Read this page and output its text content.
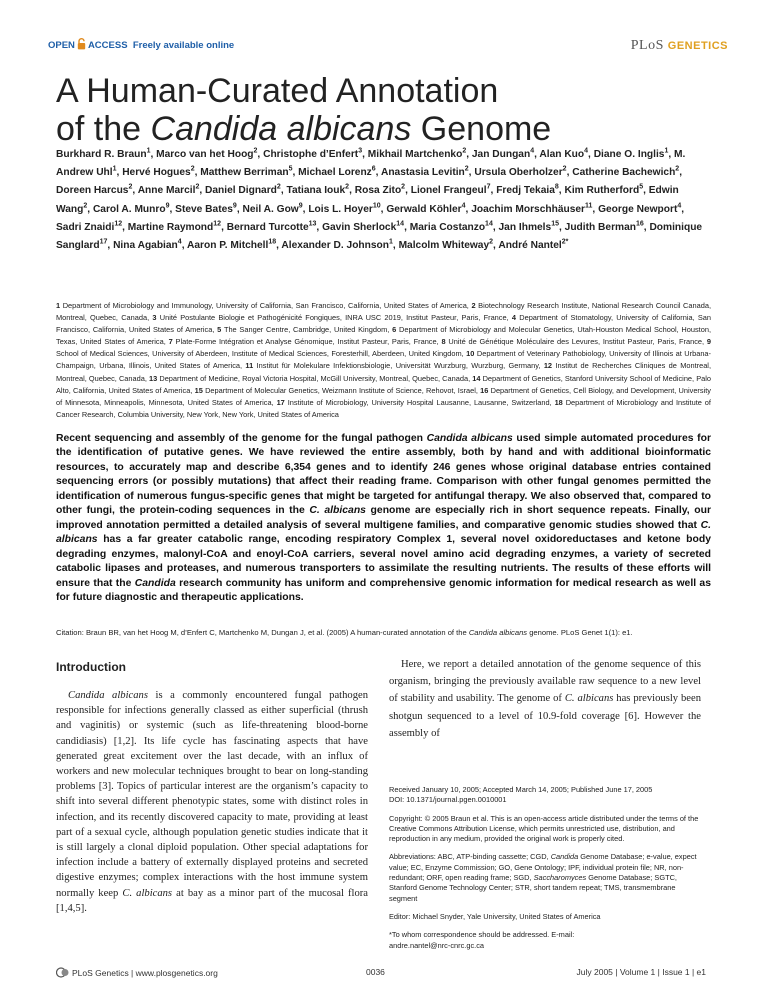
OPEN ACCESS Freely available online	PLoS GENETICS
A Human-Curated Annotation
of the Candida albicans Genome
Burkhard R. Braun$^1$, Marco van het Hoog$^2$, Christophe d’Enfert$^3$, Mikhail Martchenko$^2$, Jan Dungan$^4$, Alan Kuo$^4$, Diane O. Inglis$^1$, M. Andrew Uhl$^1$, Hervé Hogues$^2$, Matthew Berriman$^5$, Michael Lorenz$^6$, Anastasia Levitin$^2$, Ursula Oberholzer$^2$, Catherine Bachewich$^2$, Doreen Harcus$^2$, Anne Marcil$^2$, Daniel Dignard$^2$, Tatiana Iouk$^2$, Rosa Zito$^2$, Lionel Frangeul$^7$, Fredj Tekaia$^8$, Kim Rutherford$^5$, Edwin Wang$^2$, Carol A. Munro$^9$, Steve Bates$^9$, Neil A. Gow$^9$, Lois L. Hoyer$^{10}$, Gerwald Köhler$^4$, Joachim Morschhäuser$^{11}$, George Newport$^4$, Sadri Znaidi$^{12}$, Martine Raymond$^{12}$, Bernard Turcotte$^{13}$, Gavin Sherlock$^{14}$, Maria Costanzo$^{14}$, Jan Ihmels$^{15}$, Judith Berman$^{16}$, Dominique Sanglard$^{17}$, Nina Agabian$^4$, Aaron P. Mitchell$^{18}$, Alexander D. Johnson$^1$, Malcolm Whiteway$^2$, André Nantel$^{2*}$
1 Department of Microbiology and Immunology, University of California, San Francisco, California, United States of America, 2 Biotechnology Research Institute, National Research Council Canada, Montreal, Quebec, Canada, 3 Unité Postulante Biologie et Pathogénicité Fongiques, INRA USC 2019, Institut Pasteur, Paris, France, 4 Department of Stomatology, University of California, San Francisco, California, United States of America, 5 The Sanger Centre, Cambridge, United Kingdom, 6 Department of Microbiology and Molecular Genetics, Utah-Houston Medical School, Houston, Texas, United States of America, 7 Plate-Forme Intégration et Analyse Génomique, Institut Pasteur, Paris, France, 8 Unité de Génétique Moléculaire des Levures, Institut Pasteur, Paris, France, 9 School of Medical Sciences, University of Aberdeen, Institute of Medical Sciences, Foresterhill, Aberdeen, United Kingdom, 10 Department of Veterinary Pathobiology, University of Illinois at Urbana-Champaign, Urbana, Illinois, United States of America, 11 Institut für Molekulare Infektionsbiologie, Universität Wurzburg, Wurzburg, Germany, 12 Institut de Recherches Cliniques de Montreal, Montreal, Quebec, Canada, 13 Department of Medicine, Royal Victoria Hospital, McGill University, Montreal, Quebec, Canada, 14 Department of Genetics, Stanford University School of Medicine, Palo Alto, California, United States of America, 15 Department of Molecular Genetics, Weizmann Institute of Science, Rehovot, Israel, 16 Department of Genetics, Cell Biology, and Development, University of Minnesota, Minneapolis, Minnesota, United States of America, 17 Institute of Microbiology, University Hospital Lausanne, Lausanne, Switzerland, 18 Department of Microbiology and Institute of Cancer Research, Columbia University, New York, New York, United States of America
Recent sequencing and assembly of the genome for the fungal pathogen Candida albicans used simple automated procedures for the identification of putative genes. We have reviewed the entire assembly, both by hand and with additional bioinformatic resources, to accurately map and describe 6,354 genes and to identify 246 genes whose original database entries contained sequencing errors (or possibly mutations) that affect their reading frame. Comparison with other fungal genomes permitted the identification of numerous fungus-specific genes that might be targeted for antifungal therapy. We also observed that, compared to other fungi, the protein-coding sequences in the C. albicans genome are especially rich in short sequence repeats. Finally, our improved annotation permitted a detailed analysis of several multigene families, and comparative genomic studies showed that C. albicans has a far greater catabolic range, encoding respiratory Complex 1, several novel oxidoreductases and ketone body degrading enzymes, malonyl-CoA and enoyl-CoA carriers, several novel amino acid degrading enzymes, a variety of secreted catabolic lipases and proteases, and numerous transporters to assimilate the resulting nutrients. The results of these efforts will ensure that the Candida research community has uniform and comprehensive genomic information for medical research as well as for future diagnostic and therapeutic applications.
Citation: Braun BR, van het Hoog M, d’Enfert C, Martchenko M, Dungan J, et al. (2005) A human-curated annotation of the Candida albicans genome. PLoS Genet 1(1): e1.
Introduction
Candida albicans is a commonly encountered fungal pathogen responsible for infections generally classed as either superficial (thrush and vaginitis) or systemic (such as life-threatening blood-borne candidiasis) [1,2]. Its life cycle has fascinating aspects that have generated great excitement over the last decade, with an influx of workers and new molecular techniques brought to bear on long-standing problems [3]. Topics of particular interest are the organism’s capacity to shift into several different phenotypic states, some with distinct roles in infection, and its recently discovered capacity to mate, providing at least part of a sexual cycle, although population genetic studies indicate that it is still largely a clonal diploid population. Other special adaptations for infection include a battery of externally displayed proteins and secreted digestive enzymes; complex interactions with the host immune system normally keep C. albicans at bay as a minor part of the mucosal flora [1,4,5].
Here, we report a detailed annotation of the genome sequence of this organism, bringing the previously available raw sequence to a new level of stability and usability. The genome of C. albicans has previously been shotgun sequenced to a level of 10.9-fold coverage [6]. However the assembly of

Received January 10, 2005; Accepted March 14, 2005; Published June 17, 2005
DOI: 10.1371/journal.pgen.0010001

Copyright: © 2005 Braun et al. This is an open-access article distributed under the terms of the Creative Commons Attribution License, which permits unrestricted use, distribution, and reproduction in any medium, provided the original work is properly cited.

Abbreviations: ABC, ATP-binding cassette; CGD, Candida Genome Database; e-value, expect value; EC, Enzyme Commission; GO, Gene Ontology; IPF, individual protein file; NR, non-redundant; ORF, open reading frame; SGD, Saccharomyces Genome Database; SGTC, Stanford Genome Technology Center; STR, short tandem repeat; TMS, transmembrane segment

Editor: Michael Snyder, Yale University, United States of America

*To whom correspondence should be addressed. E-mail:
andre.nantel@nrc-cnrc.gc.ca

PLoS Genetics | www.plosgenetics.org	0036	July 2005 | Volume 1 | Issue 1 | e1
